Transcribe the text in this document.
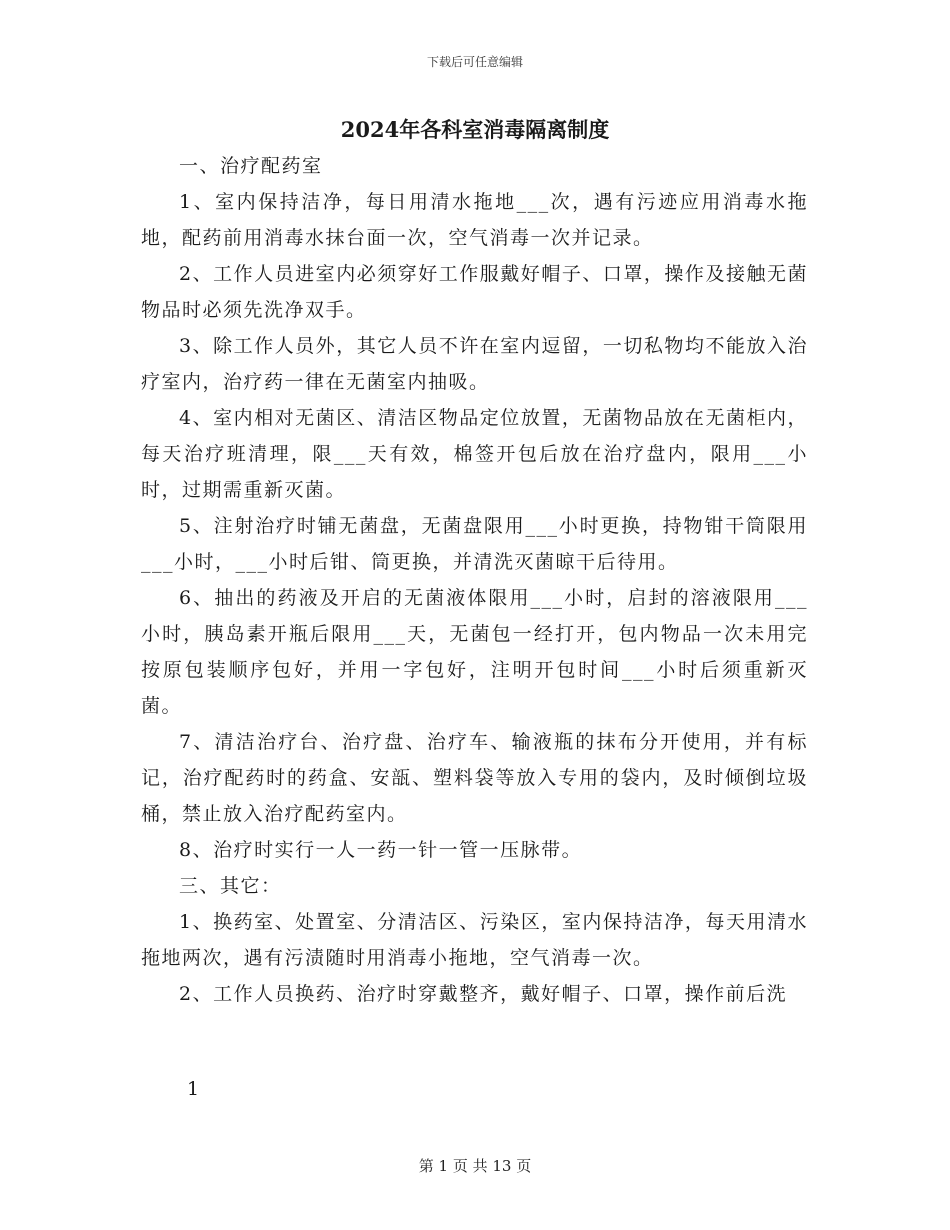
下载后可任意编辑
2024年各科室消毒隔离制度

一、治疗配药室

1、室内保持洁净，每日用清水拖地___次，遇有污迹应用消毒水拖地，配药前用消毒水抹台面一次，空气消毒一次并记录。

2、工作人员进室内必须穿好工作服戴好帽子、口罩，操作及接触无菌物品时必须先洗净双手。

3、除工作人员外，其它人员不许在室内逗留，一切私物均不能放入治疗室内，治疗药一律在无菌室内抽吸。

4、室内相对无菌区、清洁区物品定位放置，无菌物品放在无菌柜内，每天治疗班清理，限___天有效，棉签开包后放在治疗盘内，限用___小时，过期需重新灭菌。

5、注射治疗时铺无菌盘，无菌盘限用___小时更换，持物钳干筒限用___小时，___小时后钳、筒更换，并清洗灭菌晾干后待用。

6、抽出的药液及开启的无菌液体限用___小时，启封的溶液限用___小时，胰岛素开瓶后限用___天，无菌包一经打开，包内物品一次未用完按原包装顺序包好，并用一字包好，注明开包时间___小时后须重新灭菌。

7、清洁治疗台、治疗盘、治疗车、输液瓶的抹布分开使用，并有标记，治疗配药时的药盒、安瓿、塑料袋等放入专用的袋内，及时倾倒垃圾桶，禁止放入治疗配药室内。

8、治疗时实行一人一药一针一管一压脉带。

三、其它：

1、换药室、处置室、分清洁区、污染区，室内保持洁净，每天用清水拖地两次，遇有污渍随时用消毒小拖地，空气消毒一次。

2、工作人员换药、治疗时穿戴整齐，戴好帽子、口罩，操作前后洗

1
第 1 页 共 13 页
